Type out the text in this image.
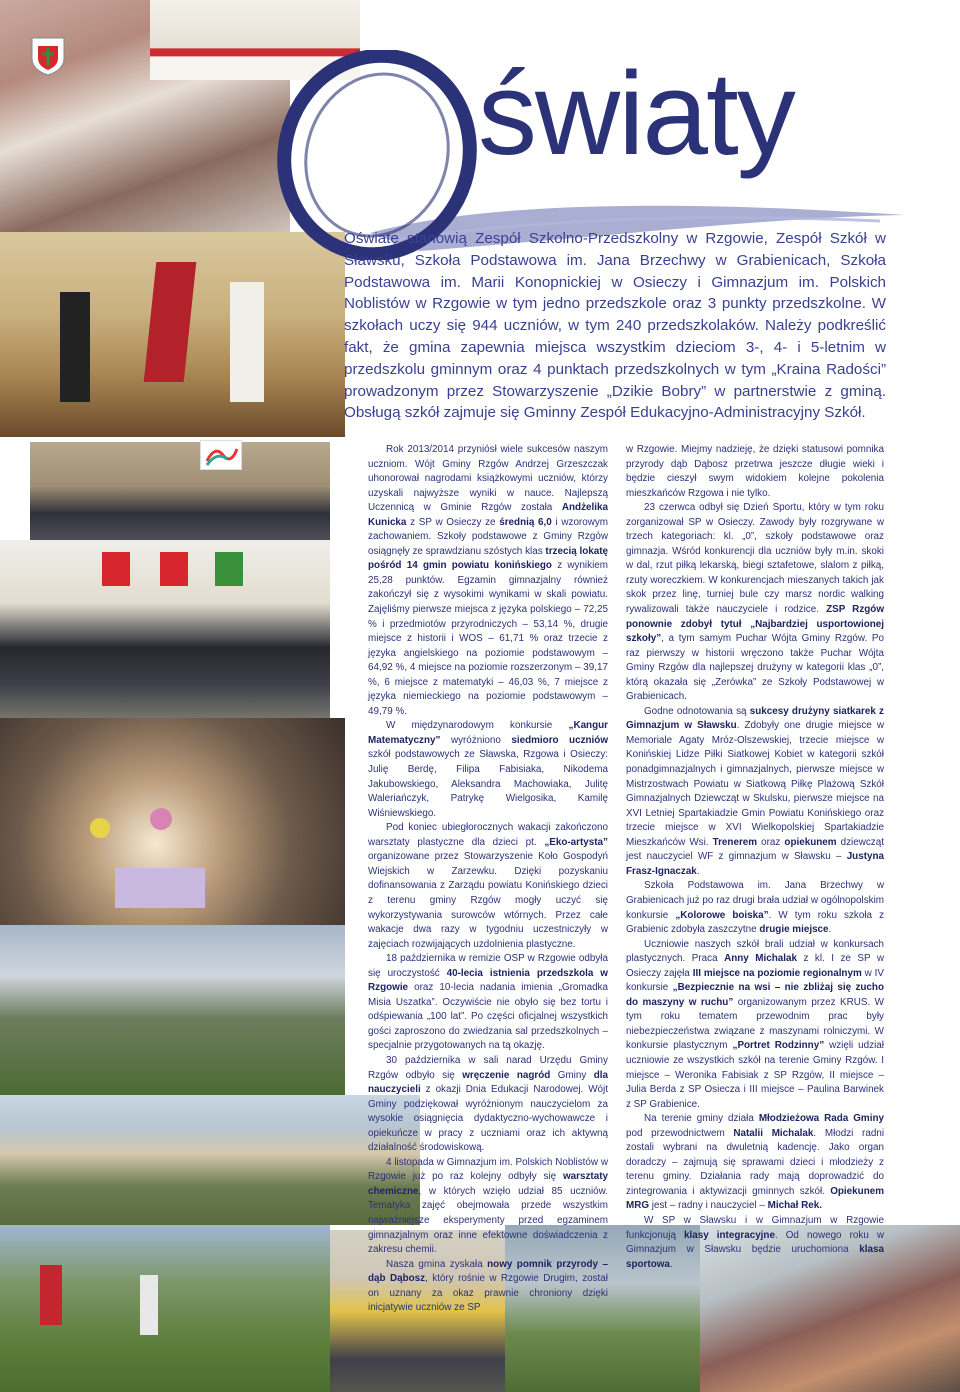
światy

Oświatę stanowią Zespół Szkolno-Przedszkolny w Rzgowie, Zespół Szkół w Sławsku, Szkoła Podstawowa im. Jana Brzechwy w Grabienicach, Szkoła Podstawowa im. Marii Konopnickiej w Osieczy i Gimnazjum im. Polskich Noblistów w Rzgowie w tym jedno przedszkole oraz 3 punkty przedszkolne. W szkołach uczy się 944 uczniów, w tym 240 przedszkolaków. Należy podkreślić fakt, że gmina zapewnia miejsca wszystkim dzieciom 3-, 4- i 5-letnim w przedszkolu gminnym oraz 4 punktach przedszkolnych w tym „Kraina Radości” prowadzonym przez Stowarzyszenie „Dzikie Bobry” w partnerstwie z gminą. Obsługą szkół zajmuje się Gminny Zespół Edukacyjno-Administracyjny Szkół.

Rok 2013/2014 przyniósł wiele sukcesów naszym uczniom. Wójt Gminy Rzgów Andrzej Grzeszczak uhonorował nagrodami książkowymi uczniów, którzy uzyskali najwyższe wyniki w nauce. Najlepszą Uczennicą w Gminie Rzgów została Andżelika Kunicka z SP w Osieczy ze średnią 6,0 i wzorowym zachowaniem. Szkoły podstawowe z Gminy Rzgów osiągnęły ze sprawdzianu szóstych klas trzecią lokatę pośród 14 gmin powiatu konińskiego z wynikiem 25,28 punktów. Egzamin gimnazjalny również zakończył się z wysokimi wynikami w skali powiatu. Zajęliśmy pierwsze miejsca z języka polskiego – 72,25 % i przedmiotów przyrodniczych – 53,14 %, drugie miejsce z historii i WOS – 61,71 % oraz trzecie z języka angielskiego na poziomie podstawowym – 64,92 %, 4 miejsce na poziomie rozszerzonym – 39,17 %, 6 miejsce z matematyki – 46,03 %, 7 miejsce z języka niemieckiego na poziomie podstawowym – 49,79 %.

W międzynarodowym konkursie „Kangur Matematyczny” wyróżniono siedmioro uczniów szkół podstawowych ze Sławska, Rzgowa i Osieczy: Julię Berdę, Filipa Fabisiaka, Nikodema Jakubowskiego, Aleksandra Machowiaka, Julitę Waleriańczyk, Patrykę Wielgosika, Kamilę Wiśniewskiego.

Pod koniec ubiegłorocznych wakacji zakończono warsztaty plastyczne dla dzieci pt. „Eko-artysta” organizowane przez Stowarzyszenie Koło Gospodyń Wiejskich w Zarzewku. Dzięki pozyskaniu dofinansowania z Zarządu powiatu Konińskiego dzieci z terenu gminy Rzgów mogły uczyć się wykorzystywania surowców wtórnych. Przez całe wakacje dwa razy w tygodniu uczestniczyły w zajęciach rozwijających uzdolnienia plastyczne.

18 października w remizie OSP w Rzgowie odbyła się uroczystość 40-lecia istnienia przedszkola w Rzgowie oraz 10-lecia nadania imienia „Gromadka Misia Uszatka”. Oczywiście nie obyło się bez tortu i odśpiewania „100 lat”. Po części oficjalnej wszystkich gości zaproszono do zwiedzania sal przedszkolnych – specjalnie przygotowanych na tą okazję.

30 października w sali narad Urzędu Gminy Rzgów odbyło się wręczenie nagród Gminy dla nauczycieli z okazji Dnia Edukacji Narodowej. Wójt Gminy podziękował wyróżnionym nauczycielom za wysokie osiągnięcia dydaktyczno-wychowawcze i opiekuńcze w pracy z uczniami oraz ich aktywną działalność środowiskową.

4 listopada w Gimnazjum im. Polskich Noblistów w Rzgowie już po raz kolejny odbyły się warsztaty chemiczne, w których wzięło udział 85 uczniów. Tematyka zajęć obejmowała przede wszystkim najważniejsze eksperymenty przed egzaminem gimnazjalnym oraz inne efektowne doświadczenia z zakresu chemii.

Nasza gmina zyskała nowy pomnik przyrody – dąb Dąbosz, który rośnie w Rzgowie Drugim, został on uznany za okaz prawnie chroniony dzięki inicjatywie uczniów ze SP

w Rzgowie. Miejmy nadzieję, że dzięki statusowi pomnika przyrody dąb Dąbosz przetrwa jeszcze długie wieki i będzie cieszył swym widokiem kolejne pokolenia mieszkańców Rzgowa i nie tylko.

23 czerwca odbył się Dzień Sportu, który w tym roku zorganizował SP w Osieczy. Zawody były rozgrywane w trzech kategoriach: kl. „0”, szkoły podstawowe oraz gimnazja. Wśród konkurencji dla uczniów były m.in. skoki w dal, rzut piłką lekarską, biegi sztafetowe, slalom z piłką, rzuty woreczkiem. W konkurencjach mieszanych takich jak skok przez linę, turniej bule czy marsz nordic walking rywalizowali także nauczyciele i rodzice. ZSP Rzgów ponownie zdobył tytuł „Najbardziej usportowionej szkoły”, a tym samym Puchar Wójta Gminy Rzgów. Po raz pierwszy w historii wręczono także Puchar Wójta Gminy Rzgów dla najlepszej drużyny w kategorii klas „0”, którą okazała się „Zerówka” ze Szkoły Podstawowej w Grabienicach.

Godne odnotowania są sukcesy drużyny siatkarek z Gimnazjum w Sławsku. Zdobyły one drugie miejsce w Memoriale Agaty Mróz-Olszewskiej, trzecie miejsce w Konińskiej Lidze Piłki Siatkowej Kobiet w kategorii szkół ponadgimnazjalnych i gimnazjalnych, pierwsze miejsce w Mistrzostwach Powiatu w Siatkową Piłkę Plażową Szkół Gimnazjalnych Dziewcząt w Skulsku, pierwsze miejsce na XVI Letniej Spartakiadzie Gmin Powiatu Konińskiego oraz trzecie miejsce w XVI Wielkopolskiej Spartakiadzie Mieszkańców Wsi. Trenerem oraz opiekunem dziewcząt jest nauczyciel WF z gimnazjum w Sławsku – Justyna Frasz-Ignaczak.

Szkoła Podstawowa im. Jana Brzechwy w Grabienicach już po raz drugi brała udział w ogólnopolskim konkursie „Kolorowe boiska”. W tym roku szkoła z Grabienic zdobyła zaszczytne drugie miejsce.

Uczniowie naszych szkół brali udział w konkursach plastycznych. Praca Anny Michalak z kl. I ze SP w Osieczy zajęła III miejsce na poziomie regionalnym w IV konkursie „Bezpiecznie na wsi – nie zbliżaj się zucho do maszyny w ruchu” organizowanym przez KRUS. W tym roku tematem przewodnim prac były niebezpieczeństwa związane z maszynami rolniczymi. W konkursie plastycznym „Portret Rodzinny” wzięli udział uczniowie ze wszystkich szkół na terenie Gminy Rzgów. I miejsce – Weronika Fabisiak z SP Rzgów, II miejsce – Julia Berda z SP Osiecza i III miejsce – Paulina Barwinek z SP Grabienice.

Na terenie gminy działa Młodzieżowa Rada Gminy pod przewodnictwem Natalii Michalak. Młodzi radni zostali wybrani na dwuletnią kadencję. Jako organ doradczy – zajmują się sprawami dzieci i młodzieży z terenu gminy. Działania rady mają doprowadzić do zintegrowania i aktywizacji gminnych szkół. Opiekunem MRG jest – radny i nauczyciel – Michał Rek.

W SP w Sławsku i w Gimnazjum w Rzgowie funkcjonują klasy integracyjne. Od nowego roku w Gimnazjum w Sławsku będzie uruchomiona klasa sportowa.
